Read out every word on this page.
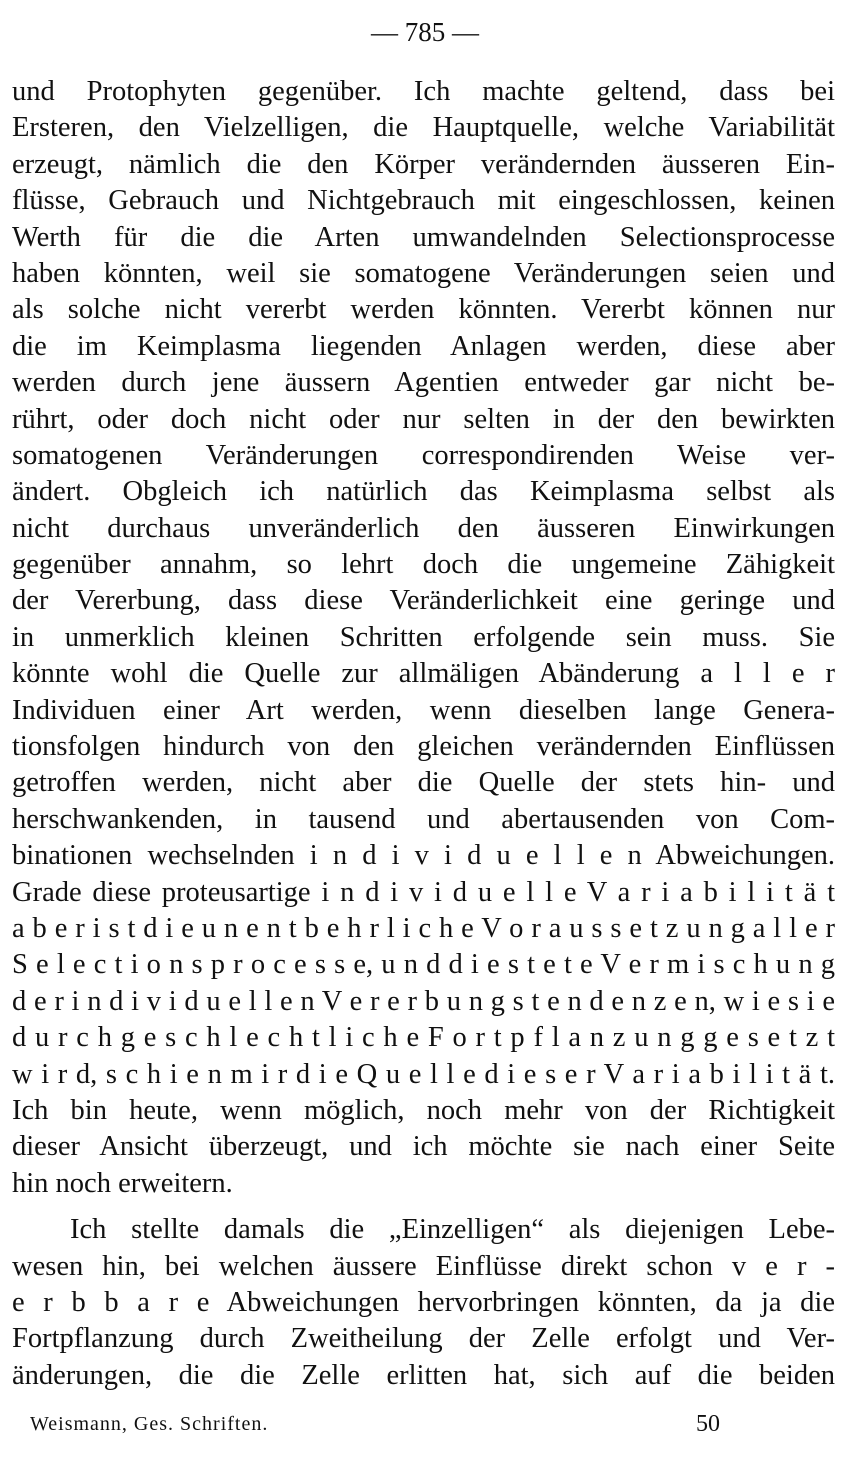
— 785 —
und Protophyten gegenüber. Ich machte geltend, dass bei
Ersteren, den Vielzelligen, die Hauptquelle, welche Variabilität
erzeugt, nämlich die den Körper verändernden äusseren Ein-
flüsse, Gebrauch und Nichtgebrauch mit eingeschlossen, keinen
Werth für die die Arten umwandelnden Selectionsprocesse
haben könnten, weil sie somatogene Veränderungen seien und
als solche nicht vererbt werden könnten. Vererbt können nur
die im Keimplasma liegenden Anlagen werden, diese aber
werden durch jene äussern Agentien entweder gar nicht be-
rührt, oder doch nicht oder nur selten in der den bewirkten
somatogenen Veränderungen correspondirenden Weise ver-
ändert. Obgleich ich natürlich das Keimplasma selbst als
nicht durchaus unveränderlich den äusseren Einwirkungen
gegenüber annahm, so lehrt doch die ungemeine Zähigkeit
der Vererbung, dass diese Veränderlichkeit eine geringe und
in unmerklich kleinen Schritten erfolgende sein muss. Sie
könnte wohl die Quelle zur allmäligen Abänderung a l l e r
Individuen einer Art werden, wenn dieselben lange Genera-
tionsfolgen hindurch von den gleichen verändernden Einflüssen
getroffen werden, nicht aber die Quelle der stets hin- und
herschwankenden, in tausend und abertausenden von Com-
binationen wechselnden i n d i v i d u e l l e n Abweichungen.
Grade diese proteusartige i n d i v i d u e l l e V a r i a b i l i t ä t
a b e r i s t d i e u n e n t b e h r l i c h e V o r a u s s e t z u n g a l l e r
S e l e c t i o n s p r o c e s s e, u n d d i e s t e t e V e r m i s c h u n g
d e r i n d i v i d u e l l e n V e r e r b u n g s t e n d e n z e n, w i e s i e
d u r c h g e s c h l e c h t l i c h e F o r t p f l a n z u n g g e s e t z t
w i r d, s c h i e n m i r d i e Q u e l l e d i e s e r V a r i a b i l i t ä t.
Ich bin heute, wenn möglich, noch mehr von der Richtigkeit
dieser Ansicht überzeugt, und ich möchte sie nach einer Seite
hin noch erweitern.
Ich stellte damals die „Einzelligen“ als diejenigen Lebe-
wesen hin, bei welchen äussere Einflüsse direkt schon v e r -
e r b b a r e Abweichungen hervorbringen könnten, da ja die
Fortpflanzung durch Zweitheilung der Zelle erfolgt und Ver-
änderungen, die die Zelle erlitten hat, sich auf die beiden
Weismann, Ges. Schriften.	50
